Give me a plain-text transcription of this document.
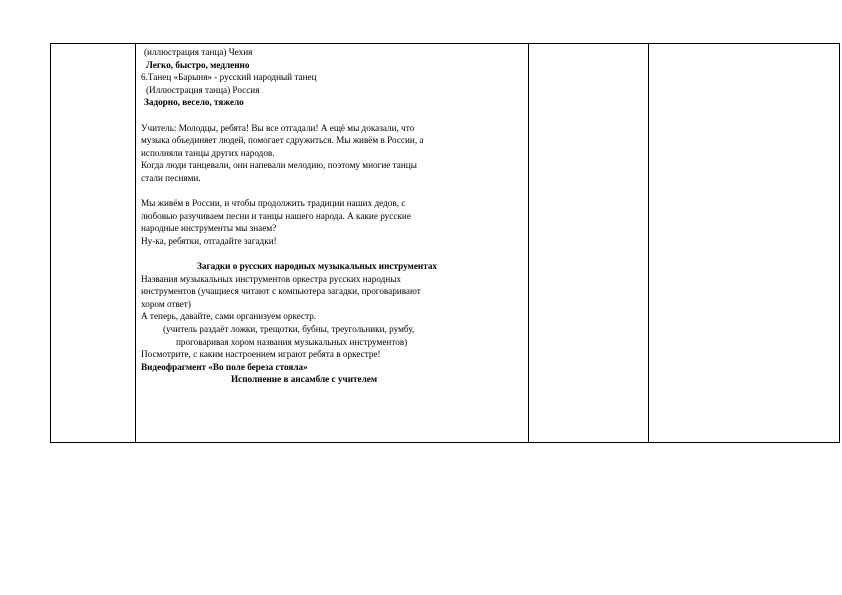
(иллюстрация танца) Чехия
Легко, быстро, медленно
6.Танец «Барыня» - русский народный танец
(Иллюстрация танца) Россия
Задорно, весело, тяжело
Учитель: Молодцы, ребята! Вы все отгадали! А ещё мы доказали, что
музыка объединяет людей, помогает сдружиться. Мы живём в России, а
исполняли танцы других народов.
Когда люди танцевали, они напевали мелодию, поэтому многие танцы
стали песнями.
Мы живём в России, и чтобы продолжить традиции наших дедов, с
любовью разучиваем песни и танцы нашего народа. А какие русские
народные инструменты мы знаем?
Ну-ка, ребятки, отгадайте загадки!
Загадки о русских народных музыкальных инструментах
Названия музыкальных инструментов оркестра русских народных
инструментов (учащиеся читают с компьютера загадки, проговаривают
хором ответ)
А теперь, давайте, сами организуем оркестр.
(учитель раздаёт ложки, трещотки, бубны, треугольники, румбу,
проговаривая хором названия музыкальных инструментов)
Посмотрите, с каким настроением играют ребята в оркестре!
Видеофрагмент «Во поле береза стояла»
Исполнение в ансамбле с учителем
